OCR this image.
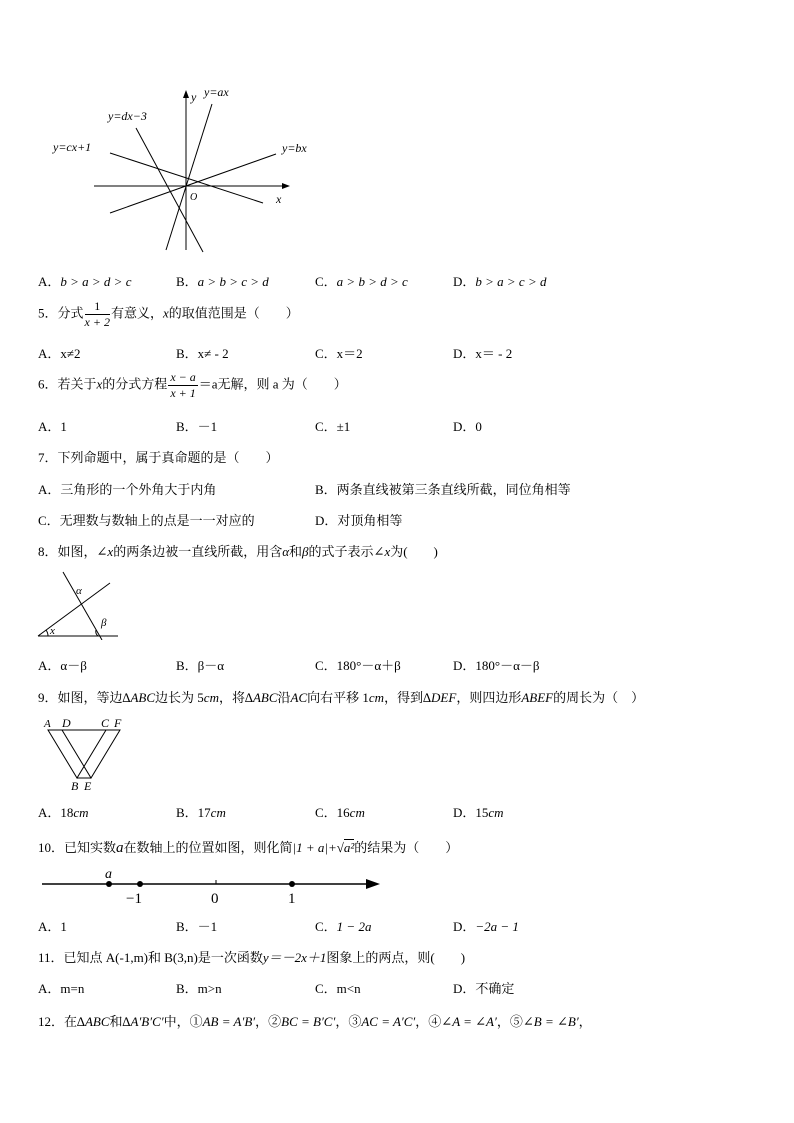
y
x
O
y=ax
y=dx−3
y=cx+1	y=bx
A．b > a > d > c	B．a > b > c > d	C．a > b > d > c	D．b > a > c > d
5．分式 $\frac{1}{x + 2}$ 有意义，x的取值范围是（　　）
A．x≠2	B．x≠ - 2	C．x＝2	D．x＝ - 2
6．若关于x的分式方程 $\frac{x - a}{x + 1} =a$无解，则 a 为（　　）
A．1	B．－1	C．±1	D．0
7．下列命题中，属于真命题的是（　　）
A．三角形的一个外角大于内角	B．两条直线被第三条直线所截，同位角相等
C．无理数与数轴上的点是一一对应的	D．对顶角相等
8．如图，∠x的两条边被一直线所截，用含α和β的式子表示∠x为(　　)
α
β
x
A．α－β	B．β－α	C．180°－α＋β	D．180°－α－β
9．如图，等边∆ABC边长为 5cm，将∆ABC沿AC向右平移 1cm，得到∆DEF，则四边形ABEF的周长为（　）
A D	C F
B E
A．18cm	B．17cm	C．16cm	D．15cm
10．已知实数a在数轴上的位置如图，则化简|1 + a|+√a²的结果为（　　）
a
−1	0	1
A．1	B．－1	C．1 − 2a	D．−2a − 1
11．已知点 A(-1,m)和 B(3,n)是一次函数y＝－2x＋1图象上的两点，则(　　)
A．m=n	B．m>n	C．m<n	D．不确定
12．在∆ABC和∆A′B′C′中，①AB = A′B′，②BC = B′C′，③AC = A′C′，④∠A = ∠A′，⑤∠B = ∠B′，
